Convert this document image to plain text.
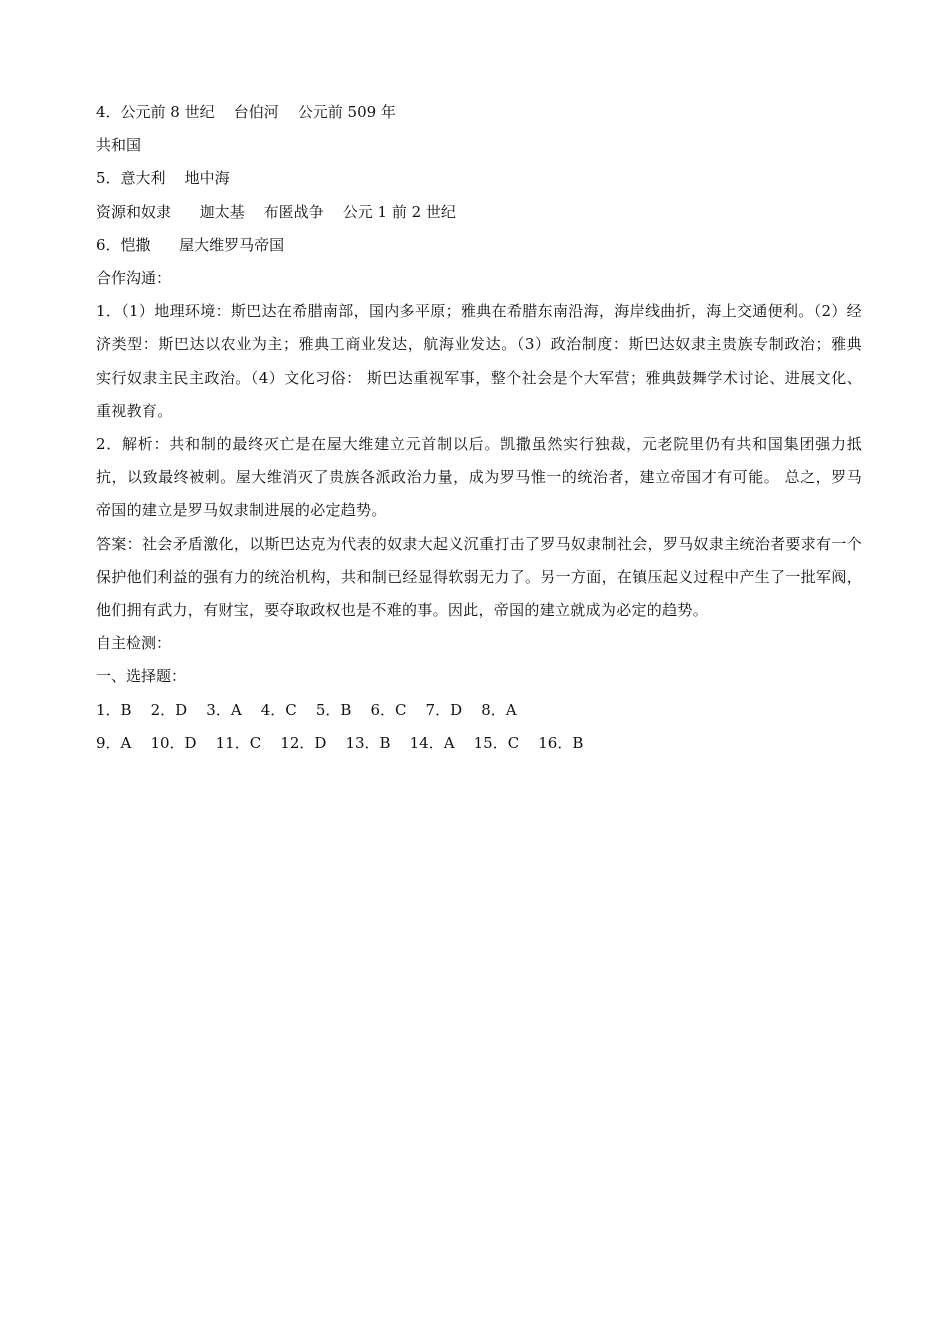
4．公元前 8 世纪    台伯河    公元前 509 年
共和国
5．意大利    地中海
资源和奴隶      迦太基    布匿战争    公元 1 前 2 世纪
6．恺撒      屋大维罗马帝国
合作沟通：
1．（1）地理环境：斯巴达在希腊南部，国内多平原；雅典在希腊东南沿海，海岸线曲折，海上交通便利。（2）经济类型：斯巴达以农业为主；雅典工商业发达，航海业发达。（3）政治制度：斯巴达奴隶主贵族专制政治；雅典实行奴隶主民主政治。（4）文化习俗： 斯巴达重视军事，整个社会是个大军营；雅典鼓舞学术讨论、进展文化、重视教育。
2．解析：共和制的最终灭亡是在屋大维建立元首制以后。凯撒虽然实行独裁，元老院里仍有共和国集团强力抵抗，以致最终被刺。屋大维消灭了贵族各派政治力量，成为罗马惟一的统治者，建立帝国才有可能。 总之，罗马帝国的建立是罗马奴隶制进展的必定趋势。
答案：社会矛盾激化，以斯巴达克为代表的奴隶大起义沉重打击了罗马奴隶制社会，罗马奴隶主统治者要求有一个保护他们利益的强有力的统治机构，共和制已经显得软弱无力了。另一方面，在镇压起义过程中产生了一批军阀，他们拥有武力，有财宝，要夺取政权也是不难的事。因此，帝国的建立就成为必定的趋势。
自主检测：
一、选择题：
1．B    2．D    3．A    4．C    5．B    6．C    7．D    8．A
9．A    10．D    11．C    12．D    13．B    14．A    15．C    16．B
